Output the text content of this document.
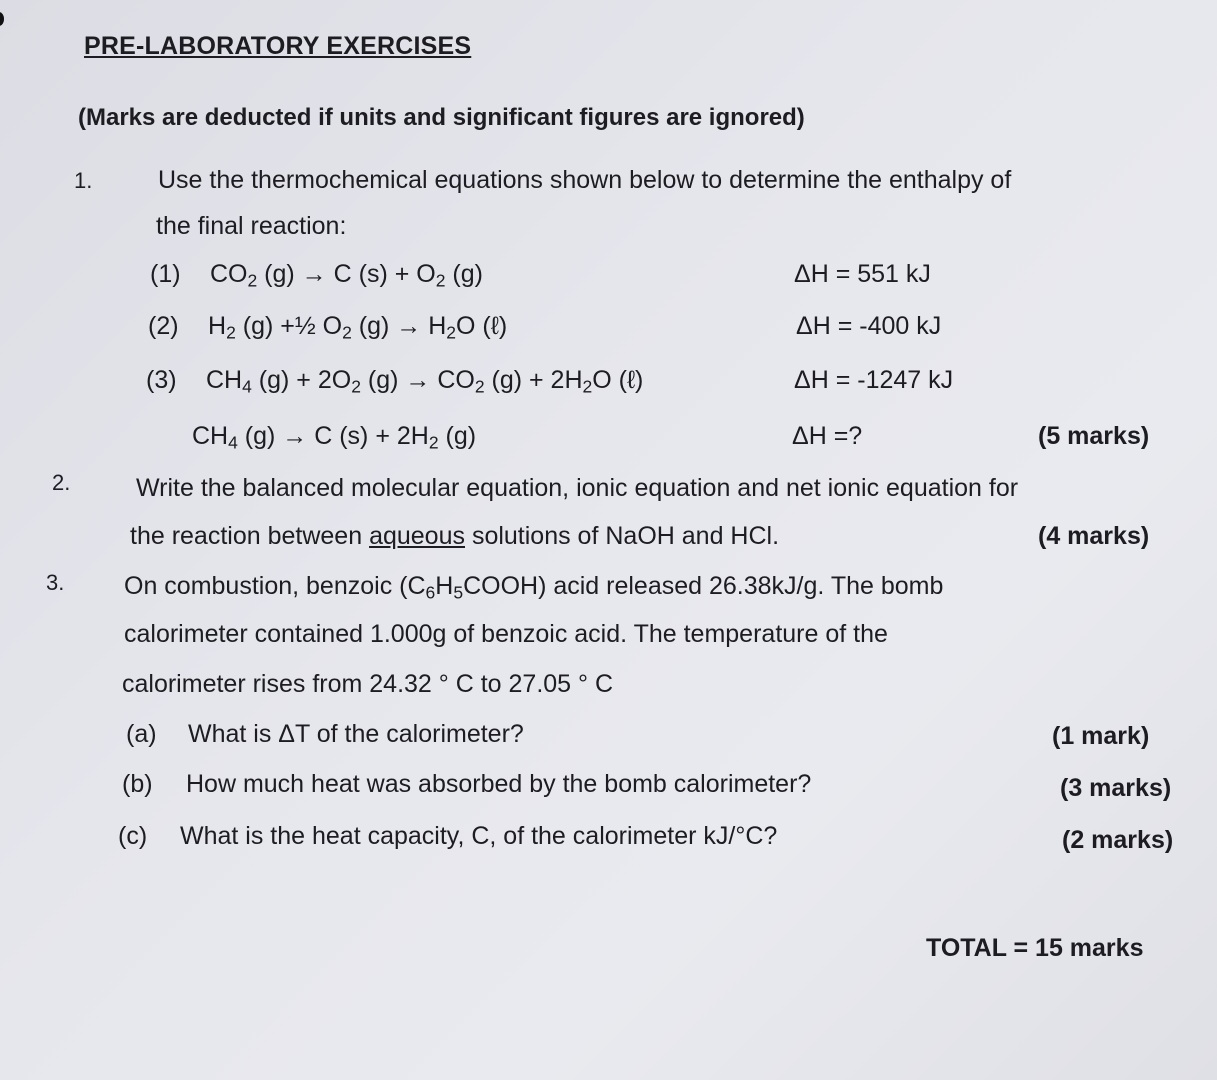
PRE-LABORATORY EXERCISES
(Marks are deducted if units and significant figures are ignored)
1.	Use the thermochemical equations shown below to determine the enthalpy of
the final reaction:
(1) $CO_2$ (g) → C $(s) + O_2$ (g)	ΔH = 551 kJ
(2) $H_2$ (g) +½ $O_2$ $(g) \to H_2O$ (ℓ)	ΔH = -400 kJ
(3) $CH_4$ $(g) + 2O_2$ $(g) \to CO_2$ $(g) + 2H_2O$ (ℓ)	ΔH = -1247 kJ
$CH_4$ (g) → C $(s) + 2H_2$ (g)	ΔH =?	(5 marks)
2.	Write the balanced molecular equation, ionic equation and net ionic equation for
the reaction between aqueous solutions of NaOH and HCl.	(4 marks)
3. On combustion, benzoic $(C_6H_5COOH)$ acid released 26.38kJ/g. The bomb
calorimeter contained 1.000g of benzoic acid. The temperature of the
calorimeter rises from 24.32 ° C to 27.05 ° C
(a) What is ΔT of the calorimeter?	(1 mark)
(b) How much heat was absorbed by the bomb calorimeter?	(3 marks)
(c) What is the heat capacity, C, of the calorimeter kJ/°C?	(2 marks)
TOTAL = 15 marks
